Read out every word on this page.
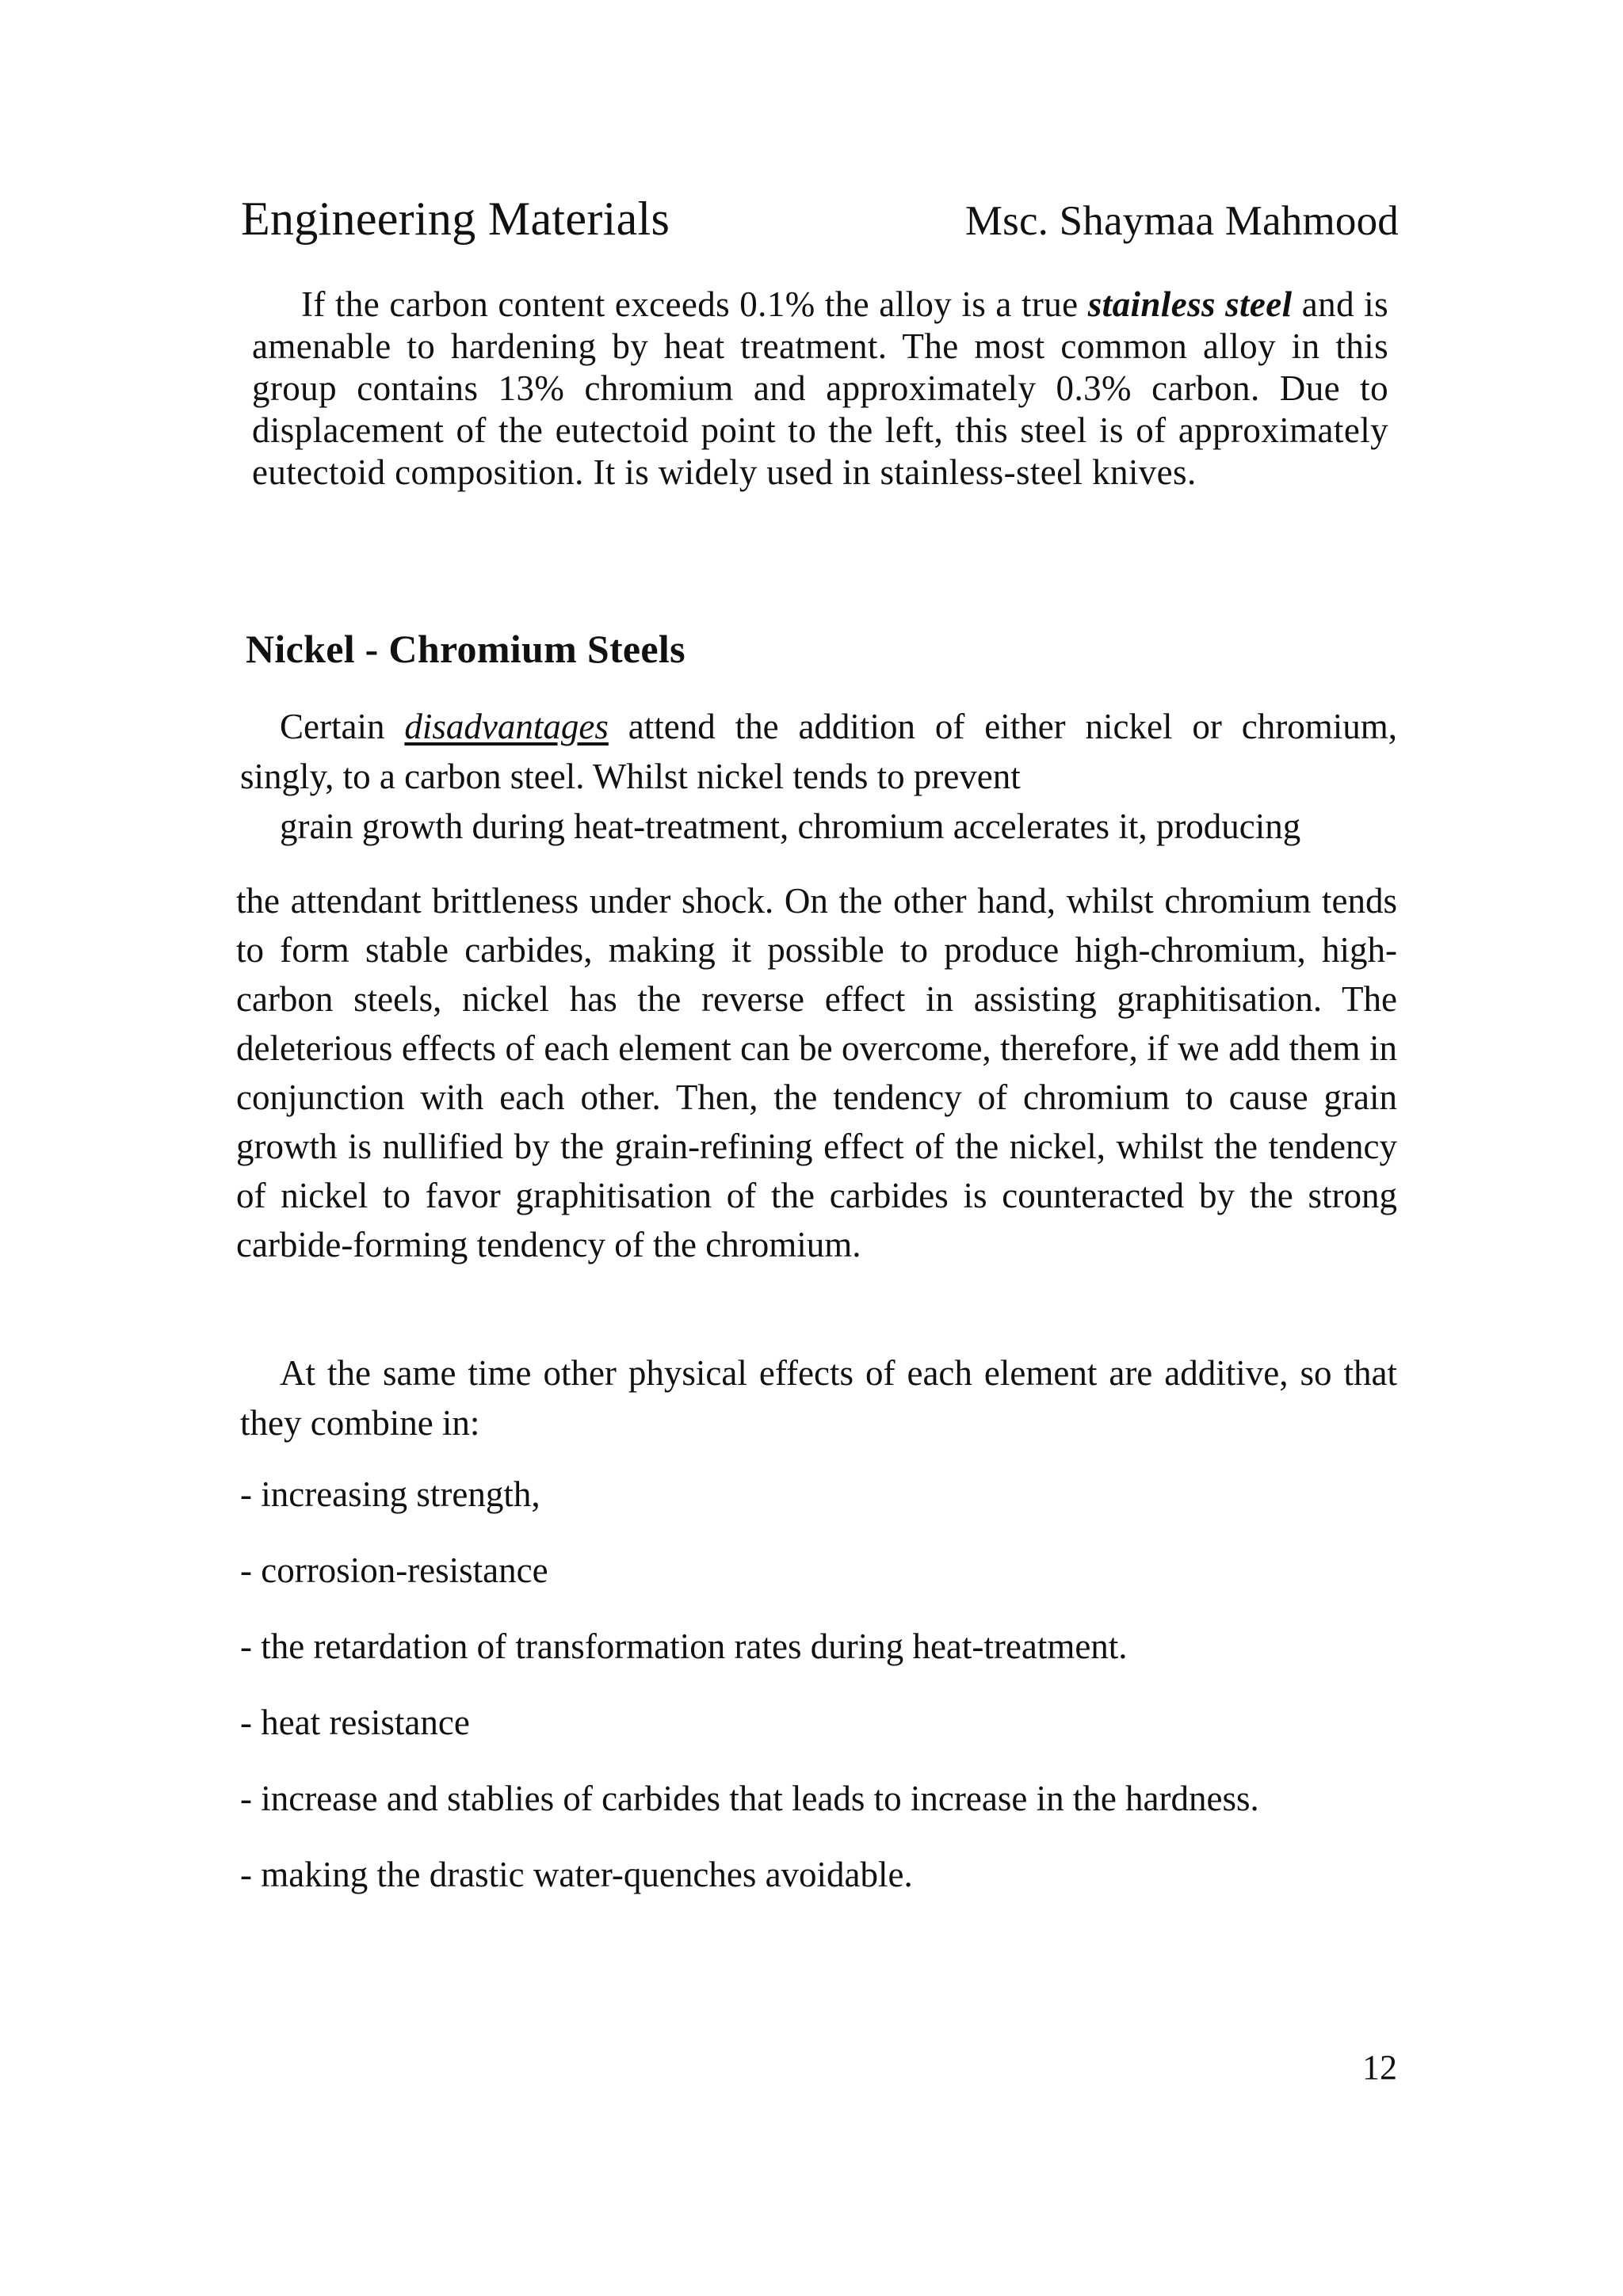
Engineering Materials	Msc. Shaymaa Mahmood

If the carbon content exceeds 0.1% the alloy is a true stainless steel and is amenable to hardening by heat treatment. The most common alloy in this group contains 13% chromium and approximately 0.3% carbon. Due to displacement of the eutectoid point to the left, this steel is of approximately eutectoid composition. It is widely used in stainless-steel knives.

Nickel - Chromium Steels

Certain disadvantages attend the addition of either nickel or chromium, singly, to a carbon steel. Whilst nickel tends to prevent
grain growth during heat-treatment, chromium accelerates it, producing

the attendant brittleness under shock. On the other hand, whilst chromium tends to form stable carbides, making it possible to produce high-chromium, high-carbon steels, nickel has the reverse effect in assisting graphitisation. The deleterious effects of each element can be overcome, therefore, if we add them in conjunction with each other. Then, the tendency of chromium to cause grain growth is nullified by the grain-refining effect of the nickel, whilst the tendency of nickel to favor graphitisation of the carbides is counteracted by the strong carbide-forming tendency of the chromium.

At the same time other physical effects of each element are additive, so that they combine in:

- increasing strength,
- corrosion-resistance
- the retardation of transformation rates during heat-treatment.
- heat resistance
- increase and stablies of carbides that leads to increase in the hardness.
- making the drastic water-quenches avoidable.
12
